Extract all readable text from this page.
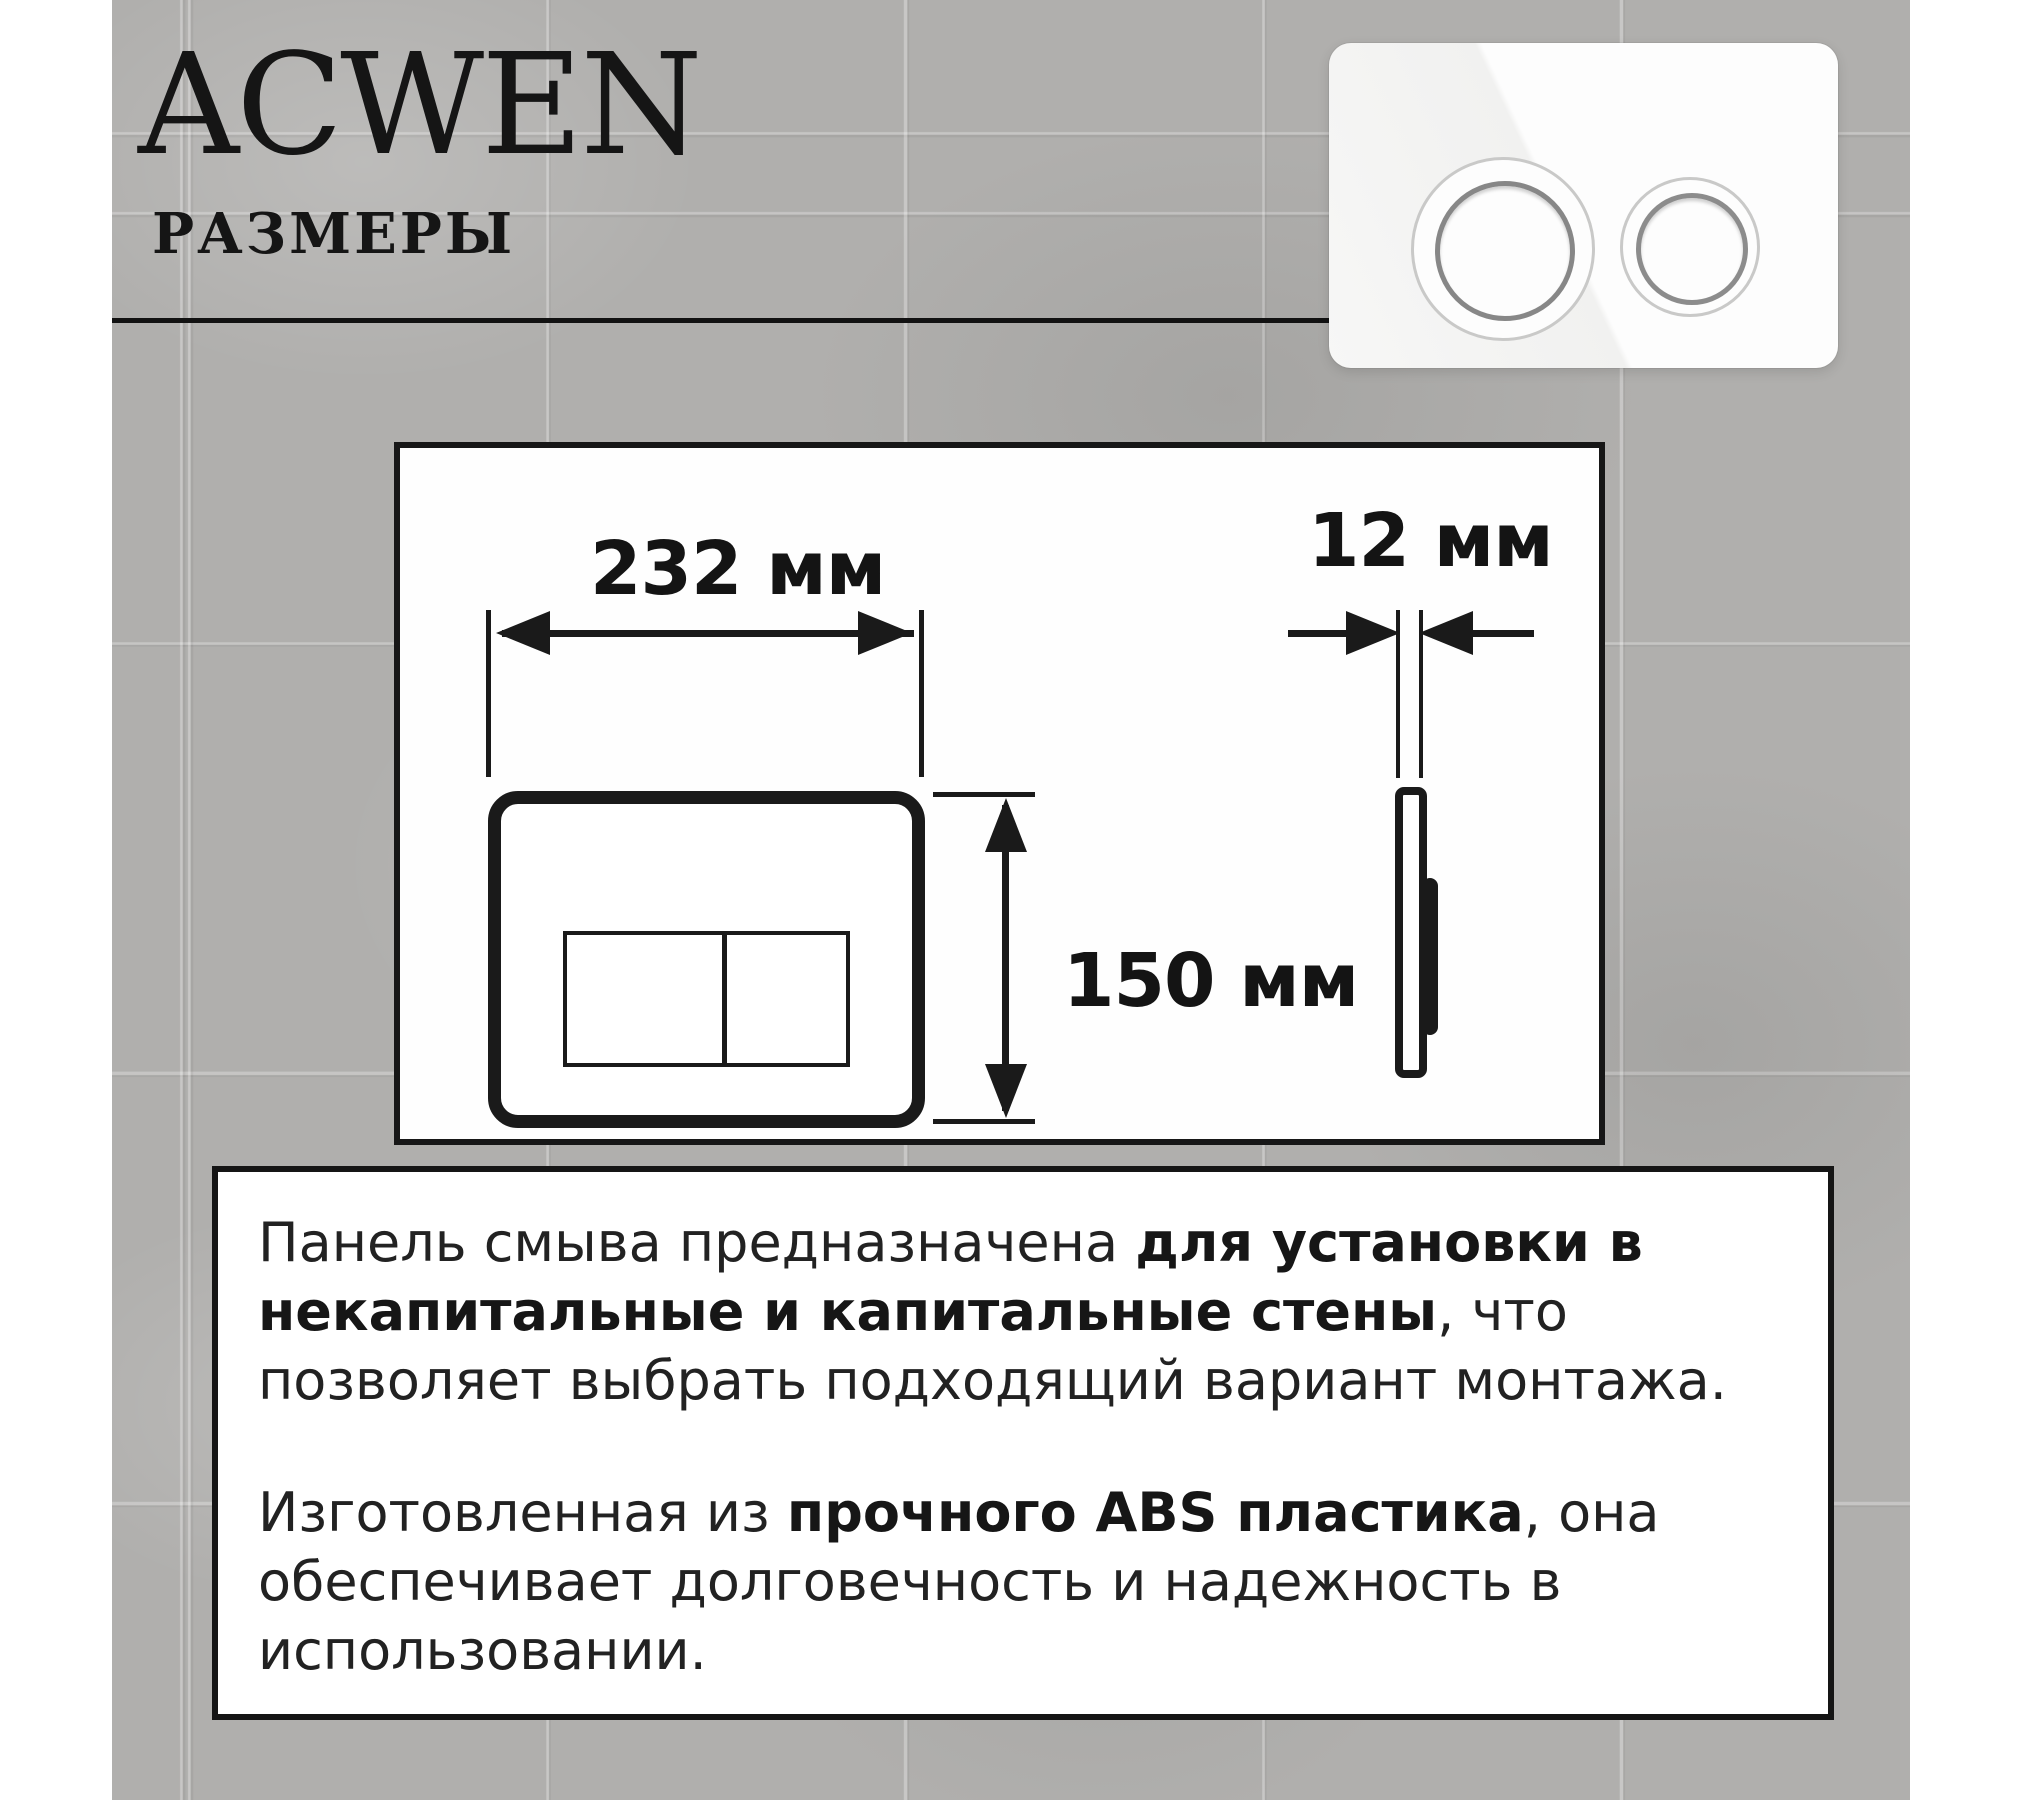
ACWEN
РАЗМЕРЫ
232 мм
150 мм
12 мм
Панель смыва предназначена для установки в
некапитальные и капитальные стены, что
позволяет выбрать подходящий вариант монтажа.
Изготовленная из прочного ABS пластика, она
обеспечивает долговечность и надежность в
использовании.
